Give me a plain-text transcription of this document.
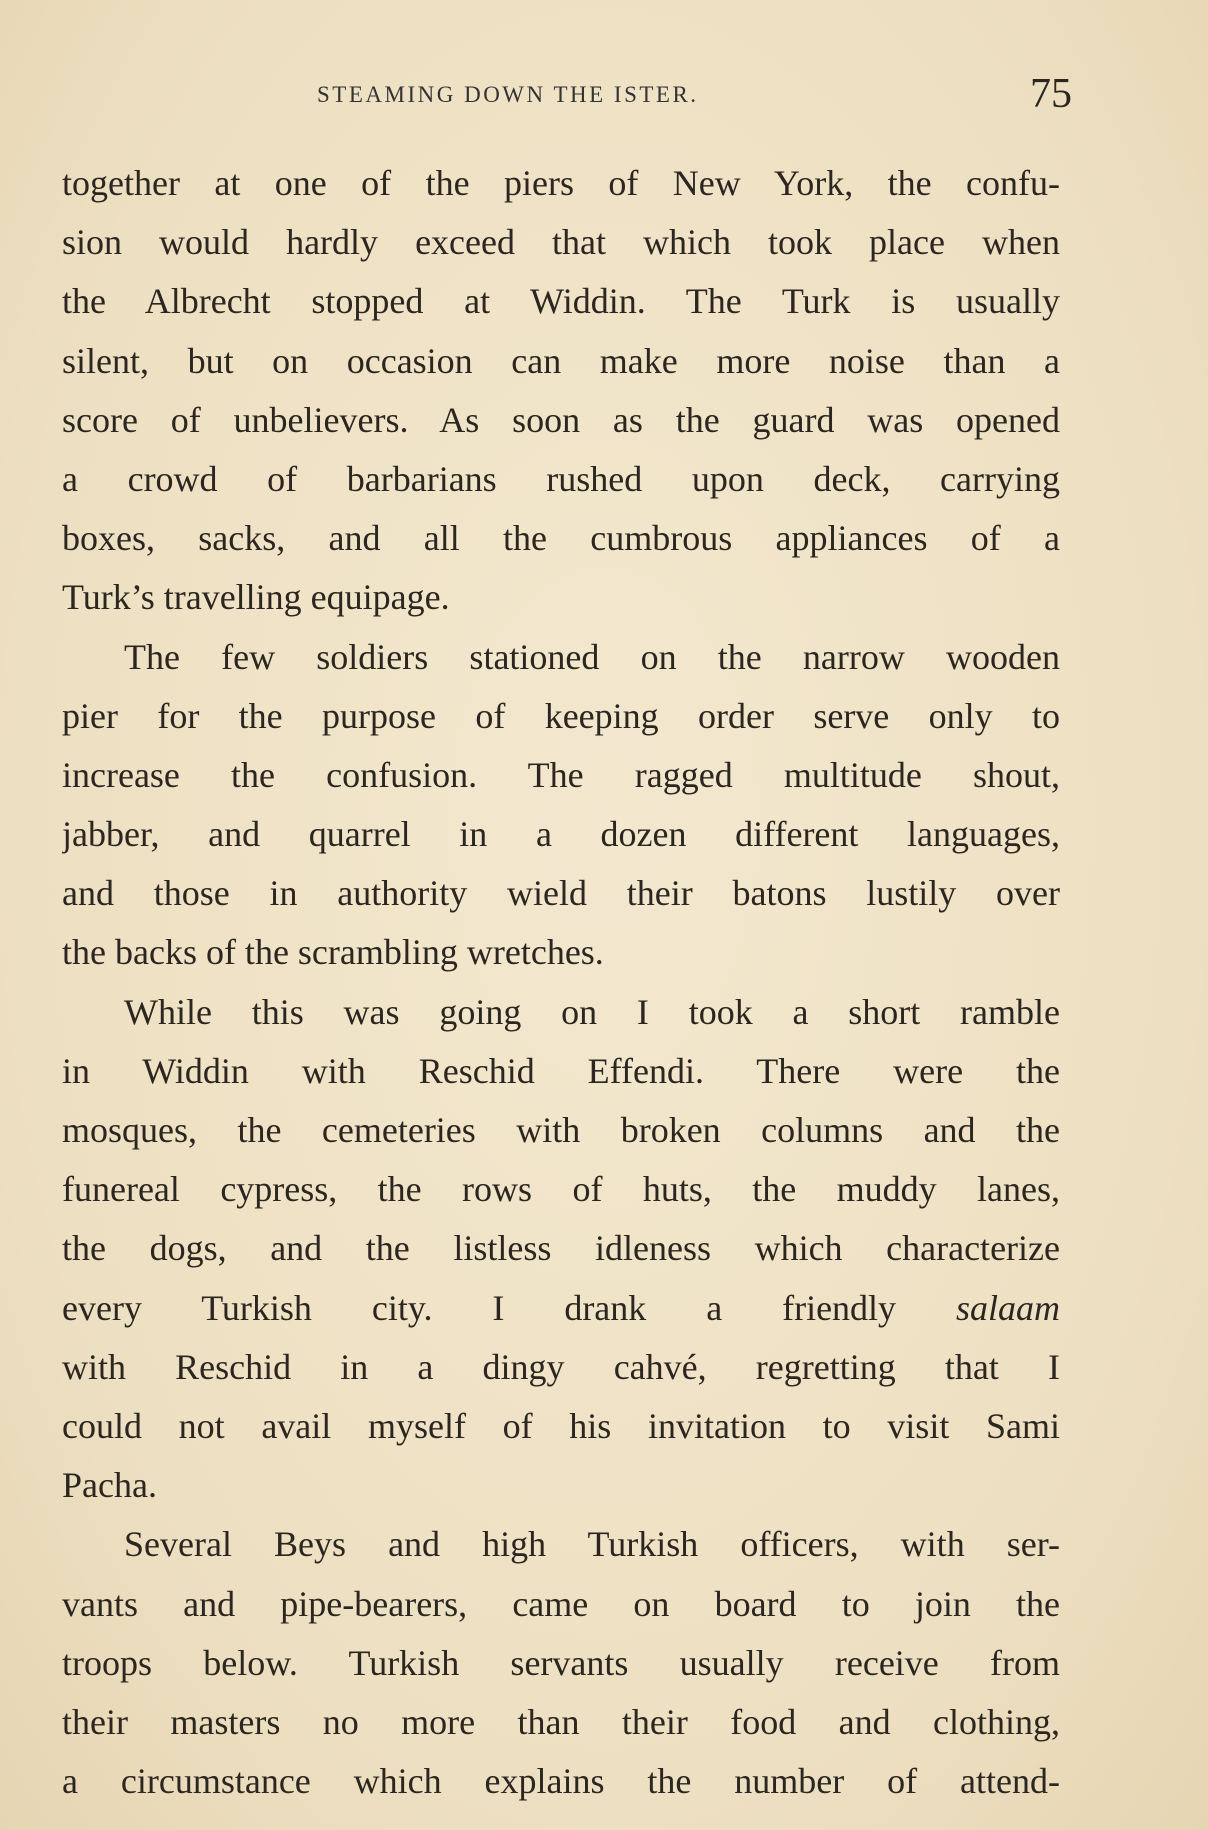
STEAMING DOWN THE ISTER.	75
together at one of the piers of New York, the confu-
sion would hardly exceed that which took place when
the Albrecht stopped at Widdin. The Turk is usually
silent, but on occasion can make more noise than a
score of unbelievers. As soon as the guard was opened
a crowd of barbarians rushed upon deck, carrying
boxes, sacks, and all the cumbrous appliances of a
Turk’s travelling equipage.
The few soldiers stationed on the narrow wooden
pier for the purpose of keeping order serve only to
increase the confusion. The ragged multitude shout,
jabber, and quarrel in a dozen different languages,
and those in authority wield their batons lustily over
the backs of the scrambling wretches.
While this was going on I took a short ramble
in Widdin with Reschid Effendi. There were the
mosques, the cemeteries with broken columns and the
funereal cypress, the rows of huts, the muddy lanes,
the dogs, and the listless idleness which characterize
every Turkish city. I drank a friendly salaam
with Reschid in a dingy cahvé, regretting that I
could not avail myself of his invitation to visit Sami
Pacha.
Several Beys and high Turkish officers, with ser-
vants and pipe-bearers, came on board to join the
troops below. Turkish servants usually receive from
their masters no more than their food and clothing,
a circumstance which explains the number of attend-
